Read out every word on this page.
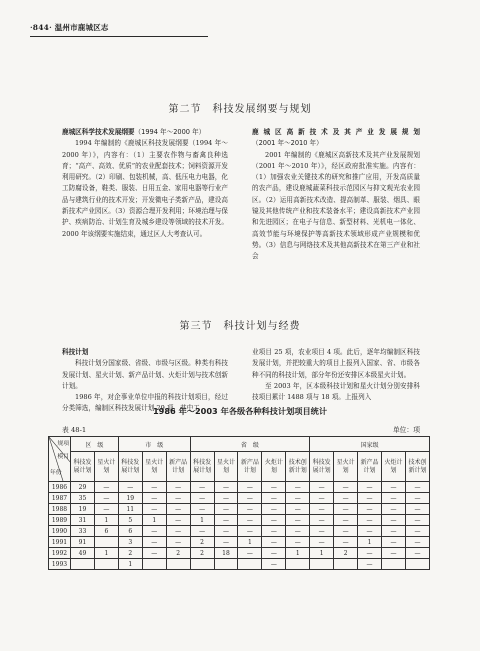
·844· 温州市鹿城区志
第二节　科技发展纲要与规划

鹿城区科学技术发展纲要（1994 年～2000 年）

1994 年编制的《鹿城区科技发展纲要（1994 年～2000 年）》，内容有：（1）主要农作物与畜禽良种选育；“高产、高效、优质”的农业配套技术；饲料资源开发利用研究。（2）印刷、包装机械，高、低压电力电器，化工防腐设备，鞋类、服装、日用五金、家用电器等行业产品与建筑行业的技术开发；开发微电子类新产品，建设高新技术产业园区。（3）资源合理开发利用；环境治理与保护、疾病防治、计划生育及城乡建设等领域的技术开发。2000 年该纲要实施结束，通过区人大考查认可。

鹿城区高新技术及其产业发展规划（2001 年～2010 年）

2001 年编制的《鹿城区高新技术及其产业发展规划（2001 年～2010 年）》，经区政府批准实施。内容有：（1）加强农业关键技术的研究和推广应用，开发高质量的农产品，建设鹿城蔬菜科技示范园区与抑文观光农业园区。（2）运用高新技术改造、提高制革、服装、烟具、眼镜及其他传统产业和技术装备水平；建设高新技术产业园和先进园区；在电子与信息、新型材料、光机电一体化、高效节能与环境保护等高新技术领域形成产业规模和优势。（3）信息与网络技术及其他高新技术在第三产业和社会

第三节　科技计划与经费

科技计划

科技计划分国家级、省级、市级与区级。种类有科技发展计划、星火计划、新产品计划、火炬计划与技术创新计划。

1986 年，对企事业单位申报的科技计划项目，经过分类筛选，编制区科技发展计划 29 项，其中工

业项目 25 项，农业项目 4 项。此后，逐年均编制区科技发展计划，并把较重大的项目上报列入国家、省、市级各种不同的科技计划，部分年份还安排区本级星火计划。

至 2003 年，区本级科技计划和星火计划分别安排科技项目累计 1488 项与 18 项。上报列入

1986 年～2003 年各级各种科技计划项目统计
表 48-1	单位：项
规项
模目
年份	区　级		市　级			省　级					国家级				
	科技发展计划	星火计划	科技发展计划	星火计划	新产品计划	科技发展计划	星火计划	新产品计划	火炬计划	技术创新计划	科技发展计划	星火计划	新产品计划	火炬计划	技术创新计划
1986	29	—	—	—	—	—	—	—	—	—	—	—	—	—	—
1987	35	—	19	—	—	—	—	—	—	—	—	—	—	—	—
1988	19	—	11	—	—	—	—	—	—	—	—	—	—	—	—
1989	31	1	5	1	—	1	—	—	—	—	—	—	—	—	—
1990	33	6	6	—	—	—	—	—	—	—	—	—	—	—	—
1991	91		3	—	—	2	—	1	—	—	—	—	1	—	—
1992	49	1	2	—	2	2	18	—	—	1	1	2	—	—	—
1993			1						—				—		
